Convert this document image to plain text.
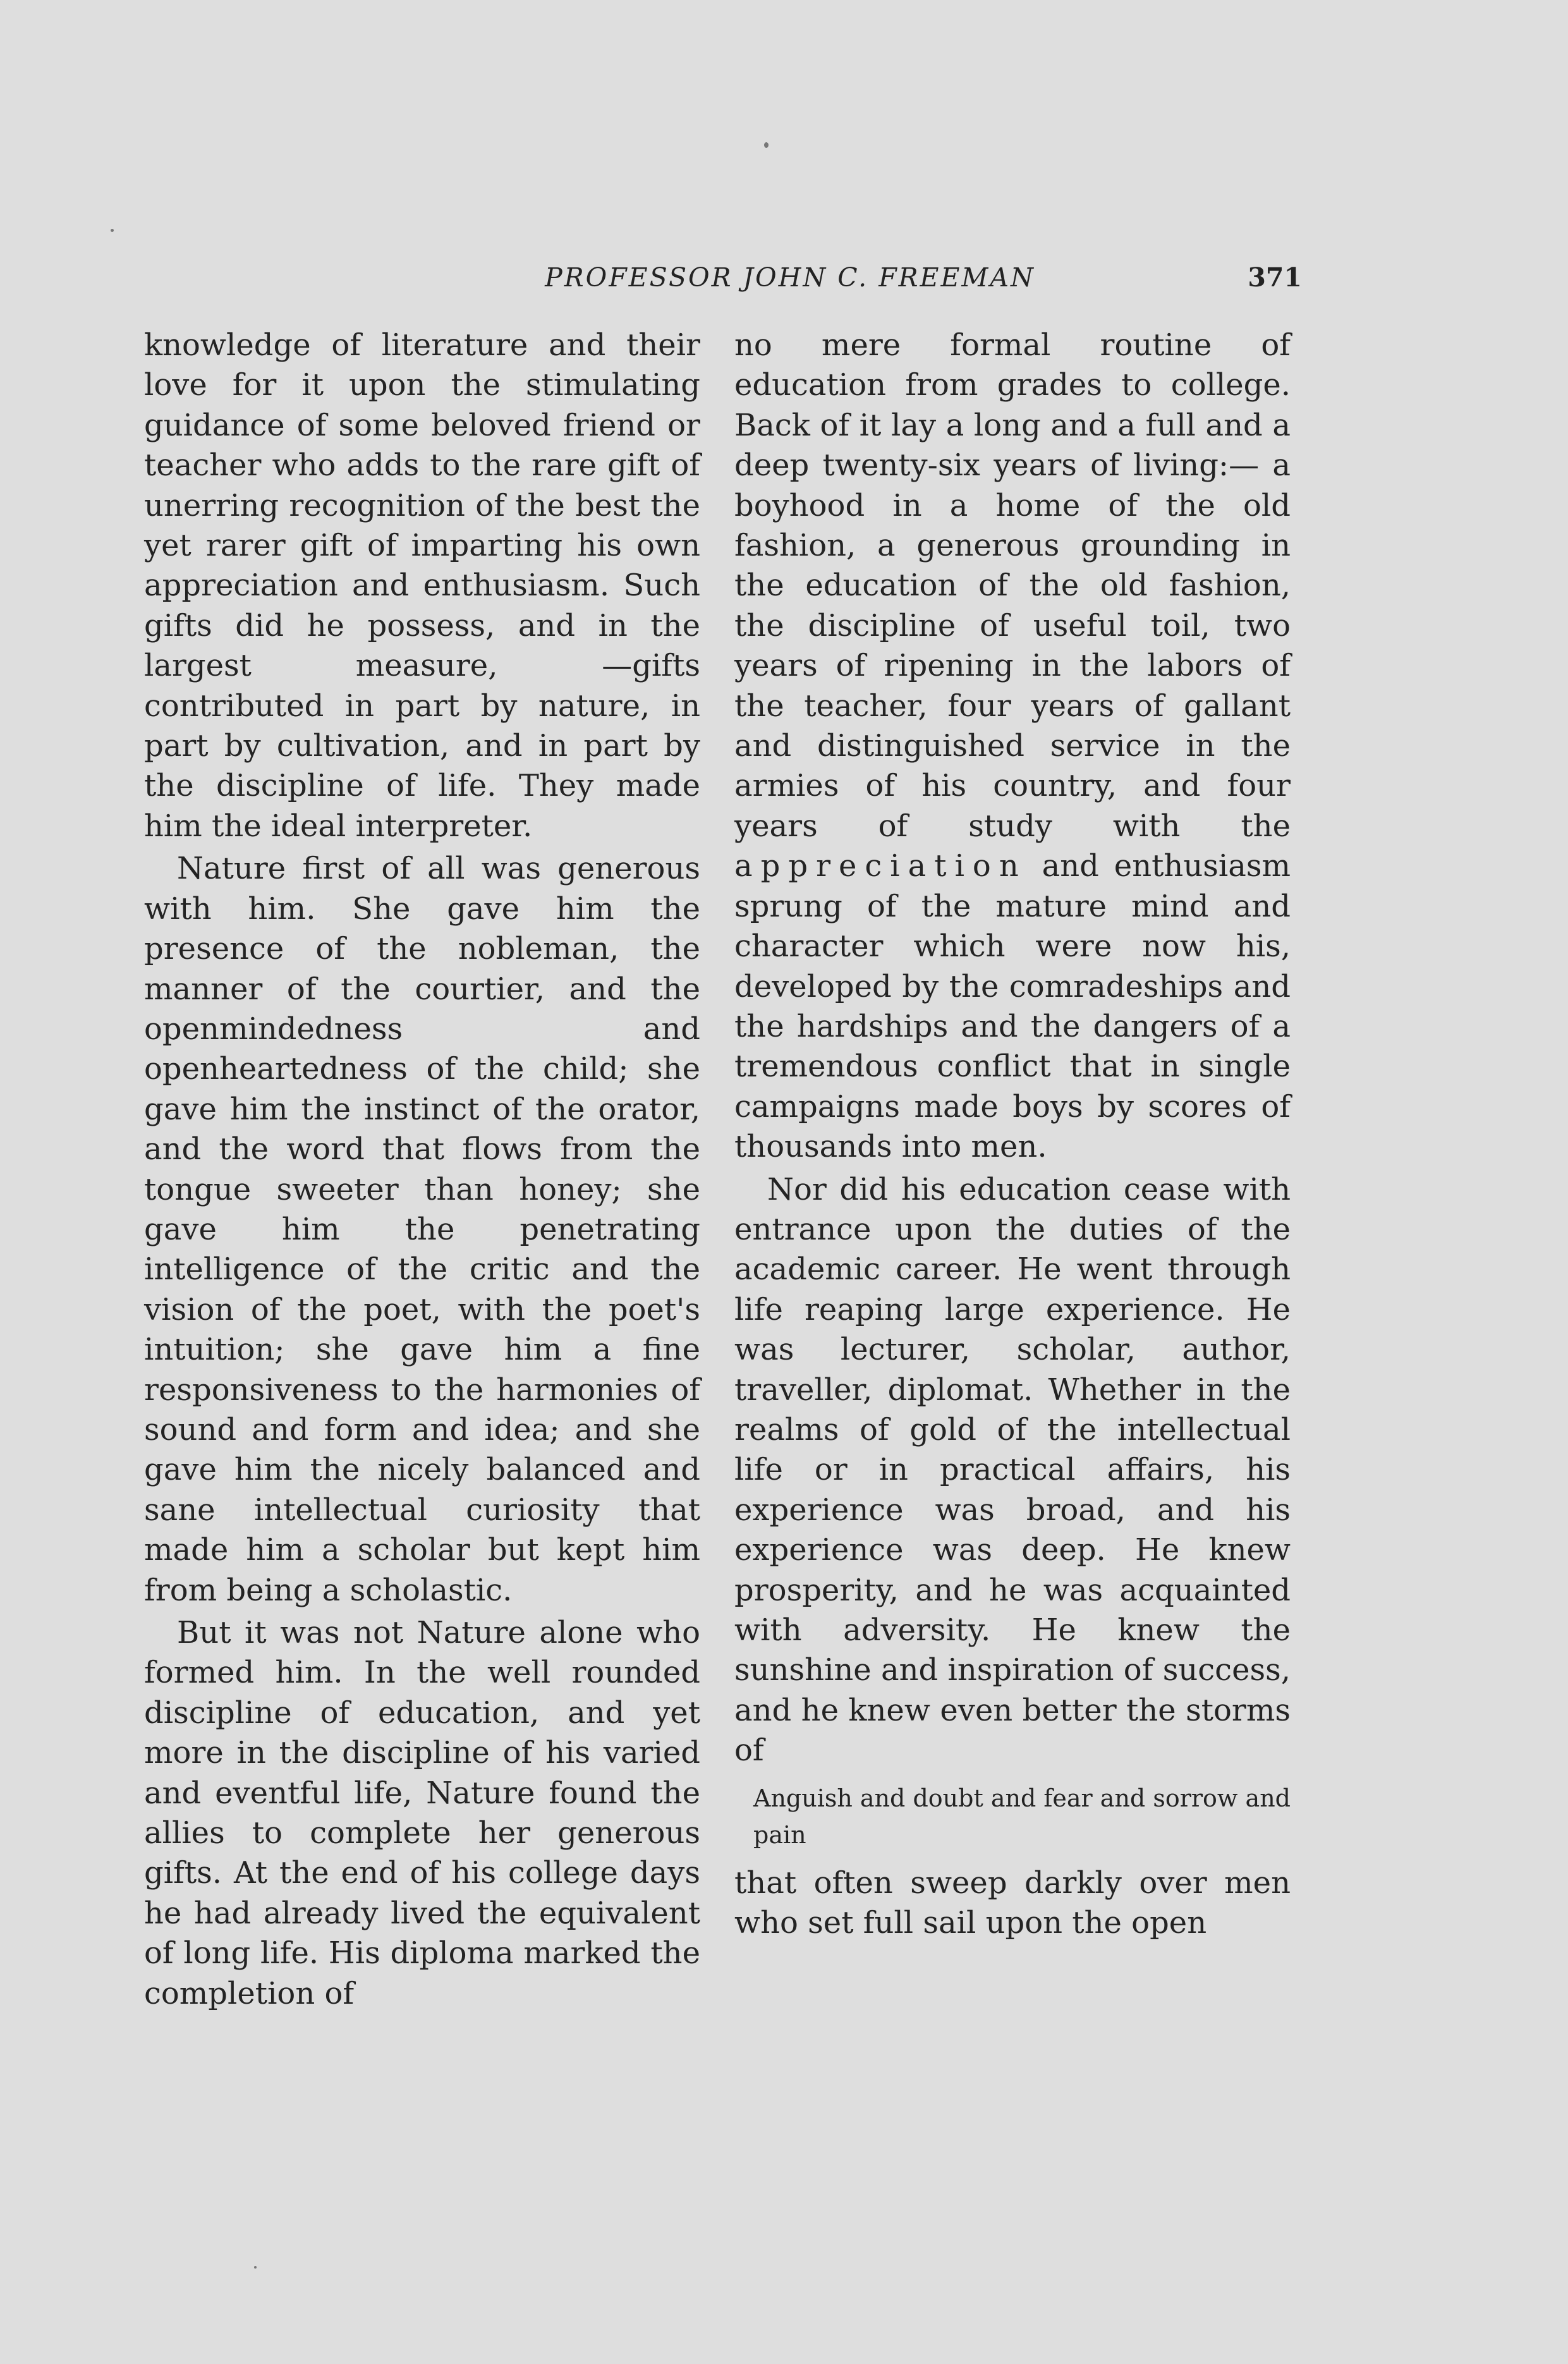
PROFESSOR JOHN C. FREEMAN	371

knowledge of literature and their love for it upon the stimulating guidance of some beloved friend or teacher who adds to the rare gift of unerring recognition of the best the yet rarer gift of imparting his own appreciation and enthusiasm. Such gifts did he possess, and in the largest measure, —gifts contributed in part by nature, in part by cultivation, and in part by the discipline of life. They made him the ideal interpreter.

Nature first of all was generous with him. She gave him the presence of the nobleman, the manner of the courtier, and the openmindedness and openheartedness of the child; she gave him the instinct of the orator, and the word that flows from the tongue sweeter than honey; she gave him the penetrating intelligence of the critic and the vision of the poet, with the poet's intuition; she gave him a fine responsiveness to the harmonies of sound and form and idea; and she gave him the nicely balanced and sane intellectual curiosity that made him a scholar but kept him from being a scholastic.

But it was not Nature alone who formed him. In the well rounded discipline of education, and yet more in the discipline of his varied and eventful life, Nature found the allies to complete her generous gifts. At the end of his college days he had already lived the equivalent of long life. His diploma marked the completion of

no mere formal routine of education from grades to college. Back of it lay a long and a full and a deep twenty-six years of living:— a boyhood in a home of the old fashion, a generous grounding in the education of the old fashion, the discipline of useful toil, two years of ripening in the labors of the teacher, four years of gallant and distinguished service in the armies of his country, and four years of study with the appreciation and enthusiasm sprung of the mature mind and character which were now his, developed by the comradeships and the hardships and the dangers of a tremendous conflict that in single campaigns made boys by scores of thousands into men.

Nor did his education cease with entrance upon the duties of the academic career. He went through life reaping large experience. He was lecturer, scholar, author, traveller, diplomat. Whether in the realms of gold of the intellectual life or in practical affairs, his experience was broad, and his experience was deep. He knew prosperity, and he was acquainted with adversity. He knew the sunshine and inspiration of success, and he knew even better the storms of

Anguish and doubt and fear and sorrow and pain

that often sweep darkly over men who set full sail upon the open
